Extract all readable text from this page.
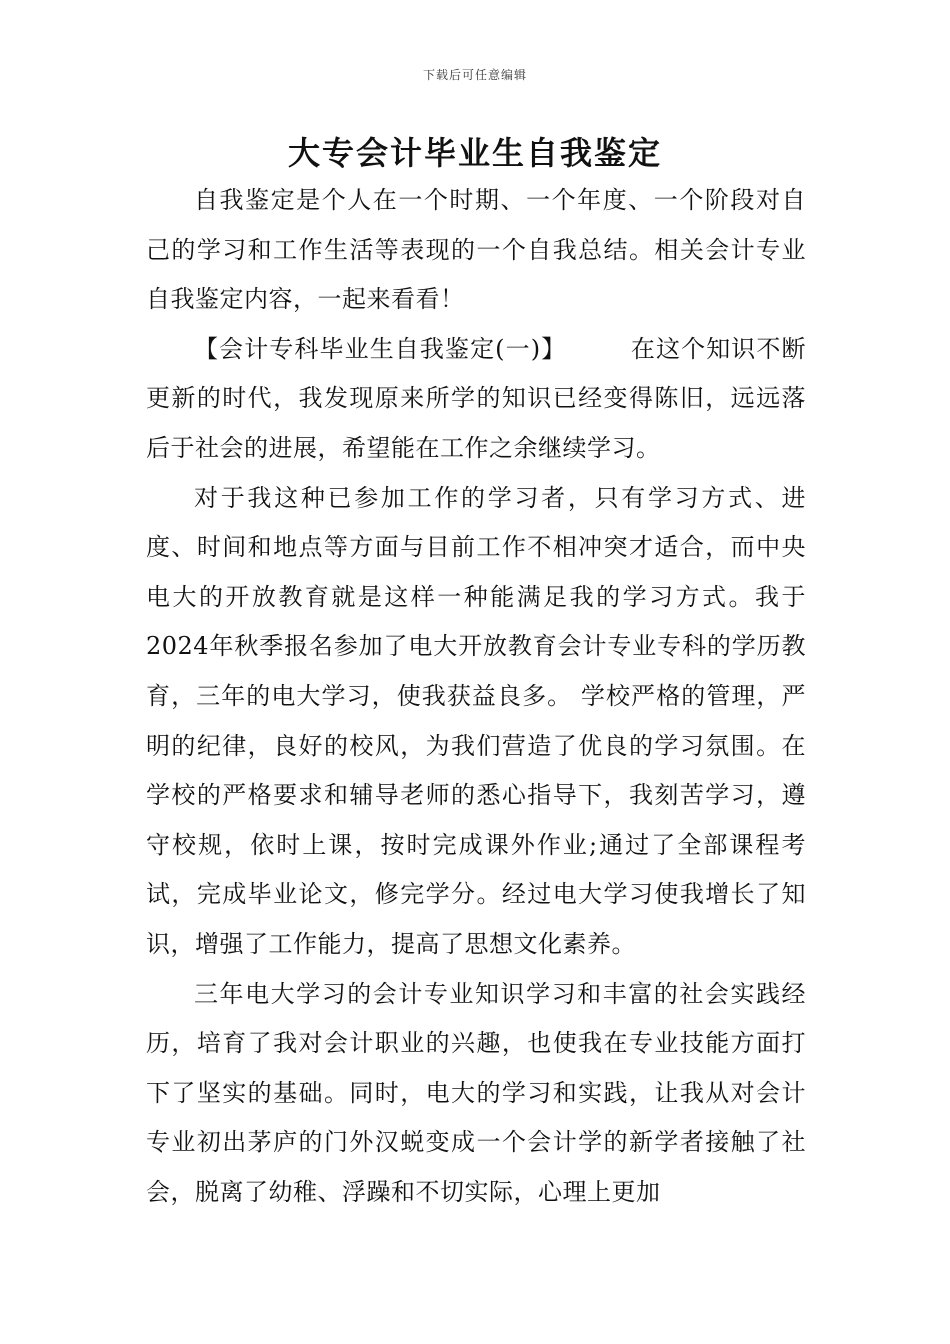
下载后可任意编辑
大专会计毕业生自我鉴定

自我鉴定是个人在一个时期、一个年度、一个阶段对自己的学习和工作生活等表现的一个自我总结。相关会计专业自我鉴定内容，一起来看看！

【会计专科毕业生自我鉴定(一)】	在这个知识不断更新的时代，我发现原来所学的知识已经变得陈旧，远远落后于社会的进展，希望能在工作之余继续学习。

对于我这种已参加工作的学习者，只有学习方式、进度、时间和地点等方面与目前工作不相冲突才适合，而中央电大的开放教育就是这样一种能满足我的学习方式。我于2024年秋季报名参加了电大开放教育会计专业专科的学历教育，三年的电大学习，使我获益良多。 学校严格的管理，严明的纪律，良好的校风，为我们营造了优良的学习氛围。在学校的严格要求和辅导老师的悉心指导下，我刻苦学习，遵守校规，依时上课，按时完成课外作业;通过了全部课程考试，完成毕业论文，修完学分。经过电大学习使我增长了知识，增强了工作能力，提高了思想文化素养。

三年电大学习的会计专业知识学习和丰富的社会实践经历，培育了我对会计职业的兴趣，也使我在专业技能方面打下了坚实的基础。同时，电大的学习和实践，让我从对会计专业初出茅庐的门外汉蜕变成一个会计学的新学者接触了社会，脱离了幼稚、浮躁和不切实际，心理上更加
